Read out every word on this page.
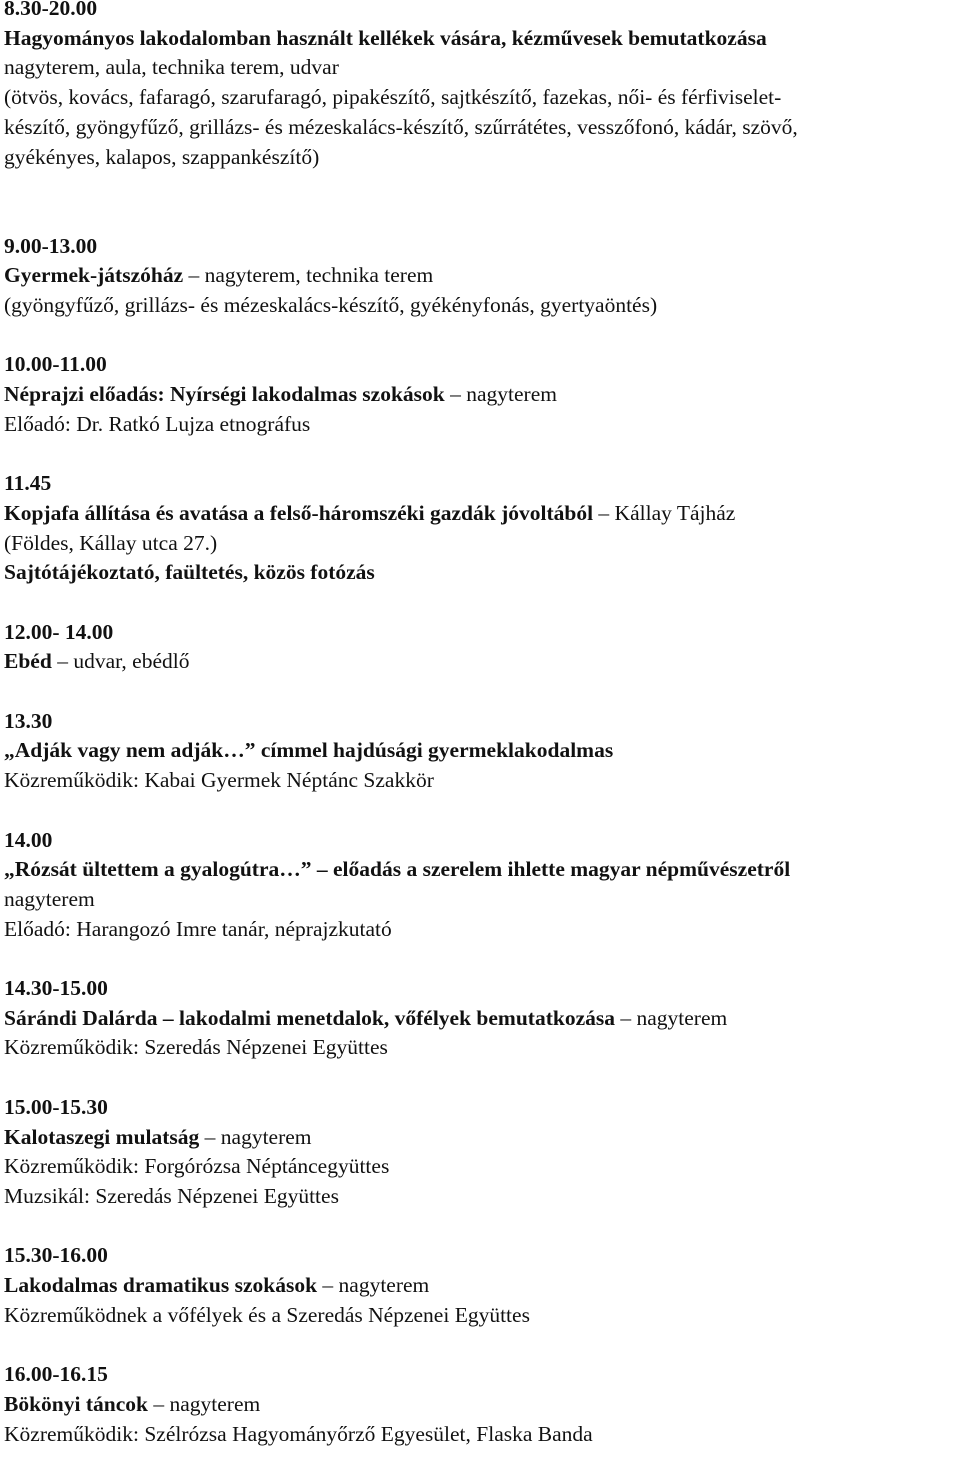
8.30-20.00
Hagyományos lakodalomban használt kellékek vására, kézművesek bemutatkozása
nagyterem, aula, technika terem, udvar
(ötvös, kovács, fafaragó, szarufaragó, pipakészítő, sajtkészítő, fazekas, női- és férfiviselet-
készítő, gyöngyfűző, grillázs- és mézeskalács-készítő, szűrrátétes, vesszőfonó, kádár, szövő,
gyékényes, kalapos, szappankészítő)
9.00-13.00
Gyermek-játszóház – nagyterem, technika terem
(gyöngyfűző, grillázs- és mézeskalács-készítő, gyékényfonás, gyertyaöntés)
10.00-11.00
Néprajzi előadás: Nyírségi lakodalmas szokások – nagyterem
Előadó: Dr. Ratkó Lujza etnográfus
11.45
Kopjafa állítása és avatása a felső-háromszéki gazdák jóvoltából – Kállay Tájház
(Földes, Kállay utca 27.)
Sajtótájékoztató, faültetés, közös fotózás
12.00- 14.00
Ebéd – udvar, ebédlő
13.30
„Adják vagy nem adják…” címmel hajdúsági gyermeklakodalmas
Közreműködik: Kabai Gyermek Néptánc Szakkör
14.00
„Rózsát ültettem a gyalogútra…” – előadás a szerelem ihlette magyar népművészetről
nagyterem
Előadó: Harangozó Imre tanár, néprajzkutató
14.30-15.00
Sárándi Dalárda – lakodalmi menetdalok, vőfélyek bemutatkozása – nagyterem
Közreműködik: Szeredás Népzenei Együttes
15.00-15.30
Kalotaszegi mulatság – nagyterem
Közreműködik: Forgórózsa Néptáncegyüttes
Muzsikál: Szeredás Népzenei Együttes
15.30-16.00
Lakodalmas dramatikus szokások – nagyterem
Közreműködnek a vőfélyek és a Szeredás Népzenei Együttes
16.00-16.15
Bökönyi táncok – nagyterem
Közreműködik: Szélrózsa Hagyományőrző Egyesület, Flaska Banda
